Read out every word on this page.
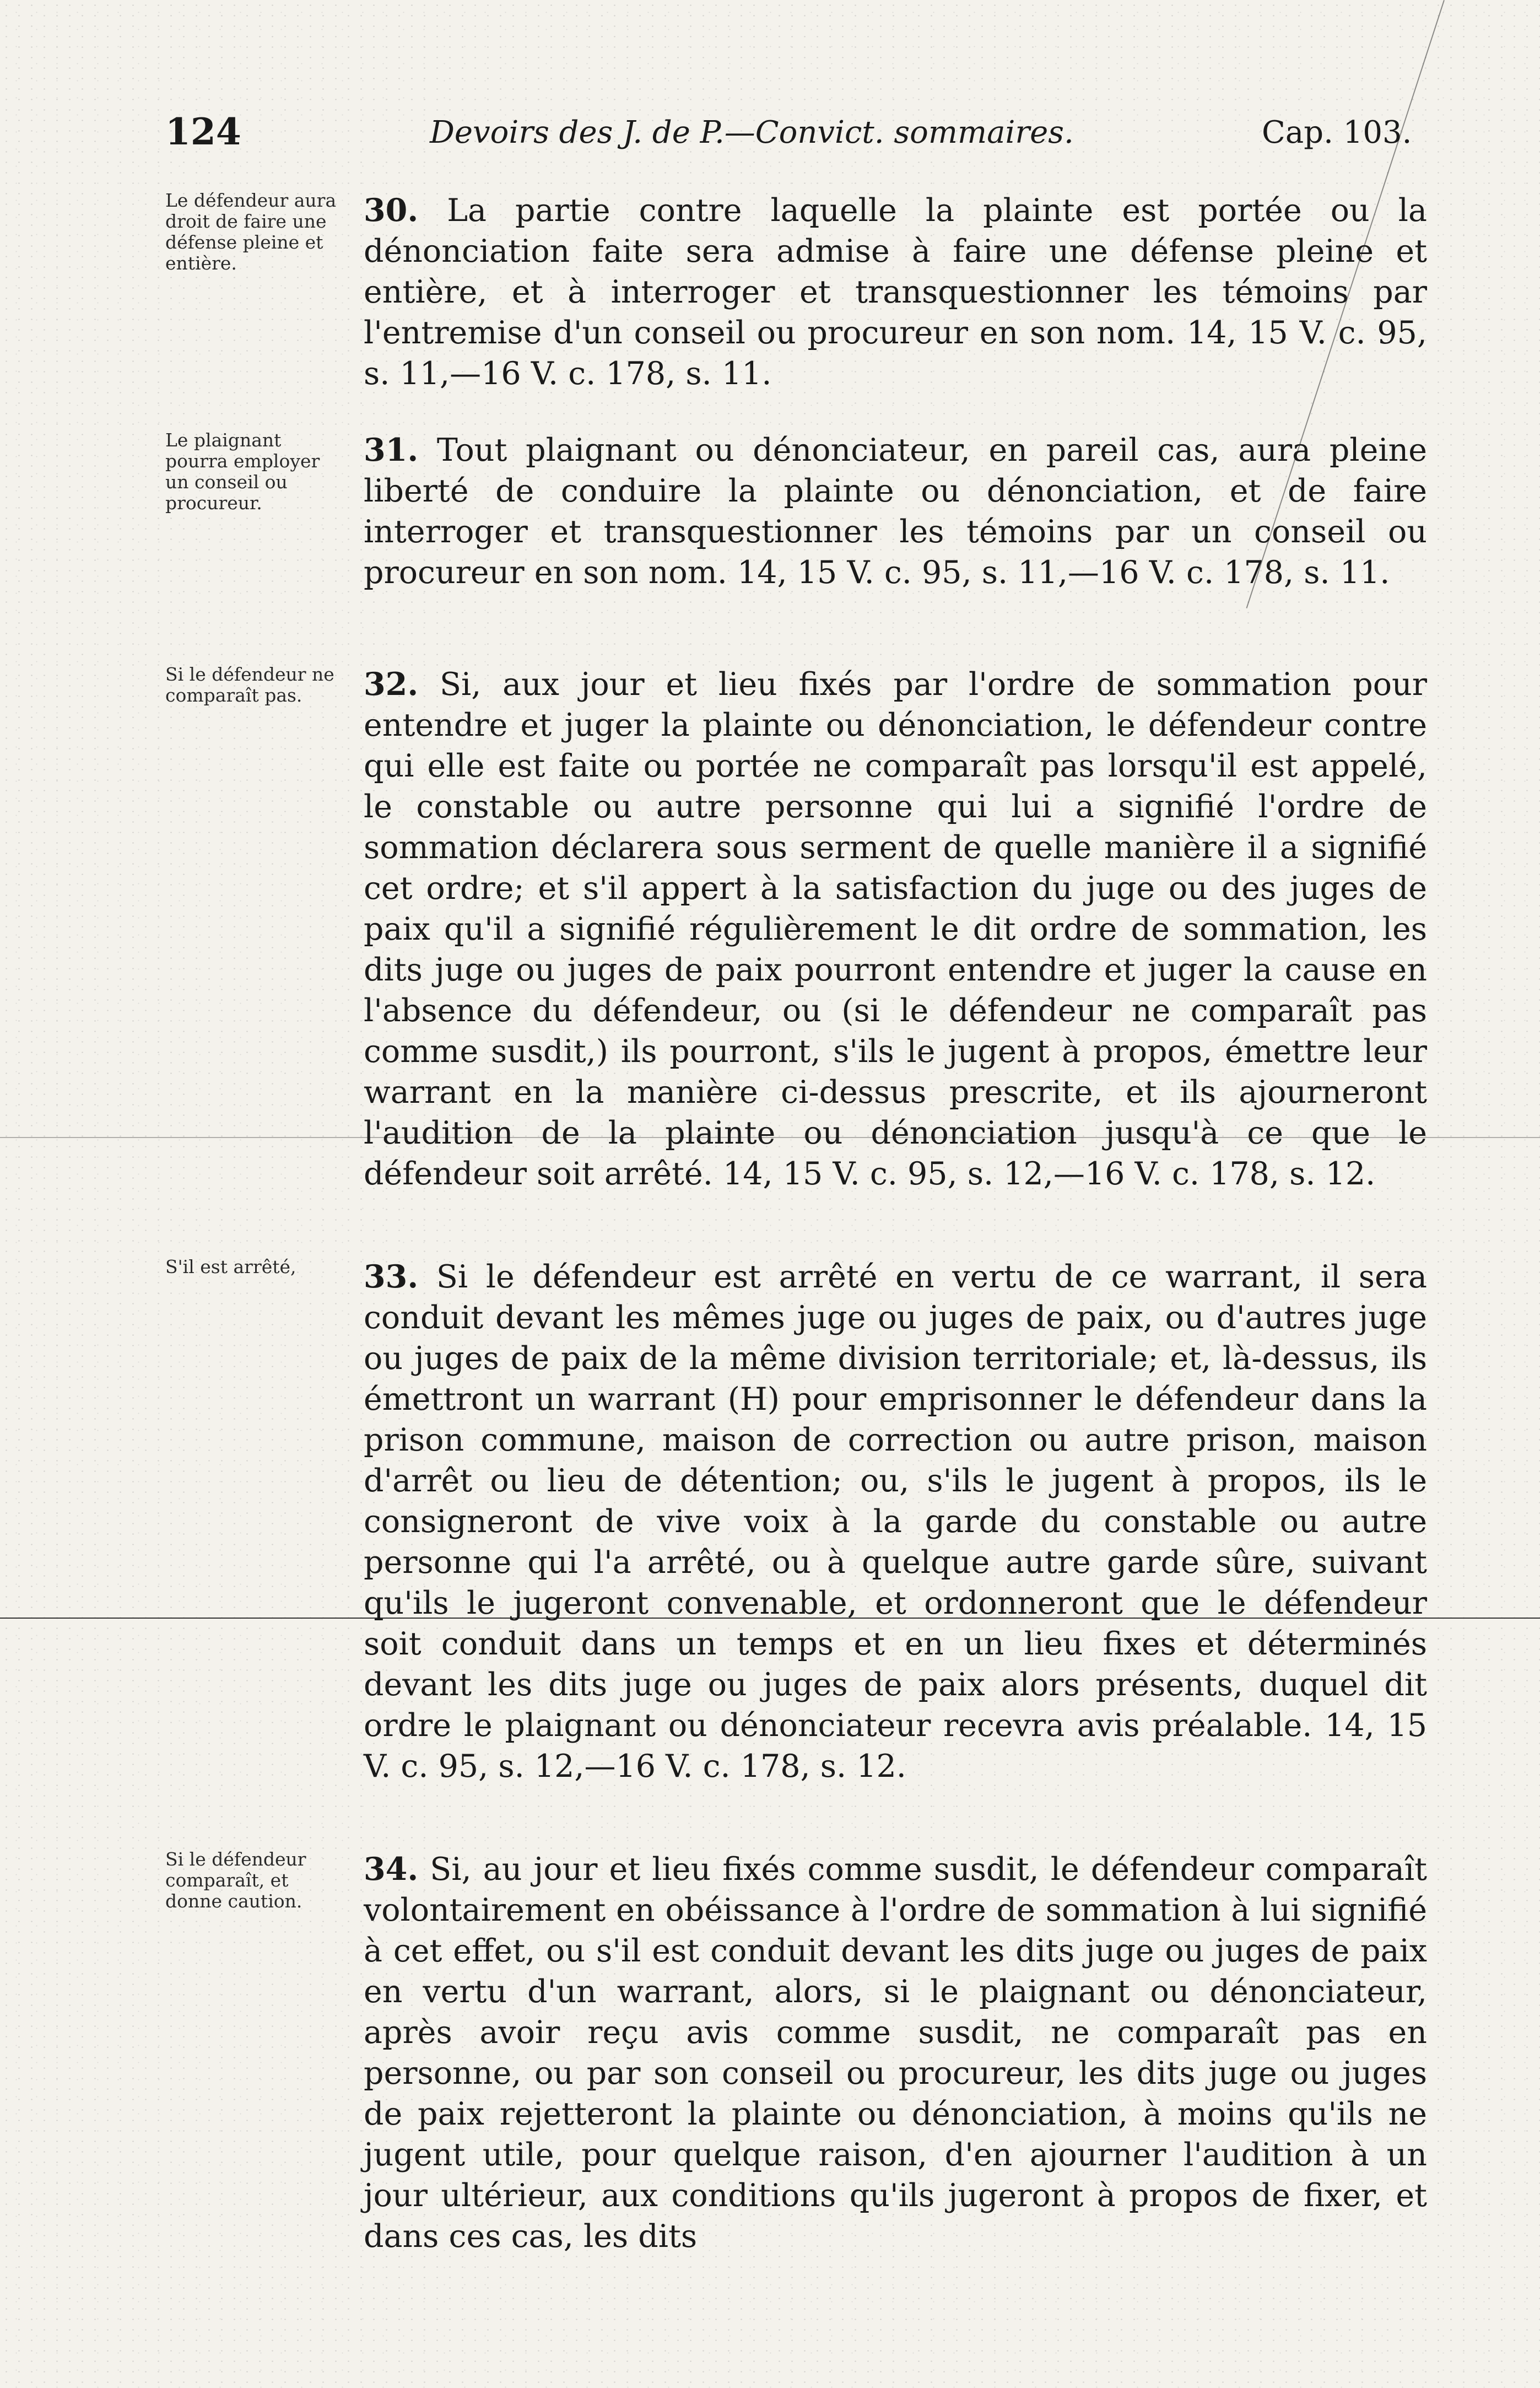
124	Devoirs des J. de P.—Convict. sommaires.	Cap. 103.
Le défendeur aura droit de faire une défense pleine et entière.
30. La partie contre laquelle la plainte est portée ou la dénonciation faite sera admise à faire une défense pleine et entière, et à interroger et transquestionner les témoins par l'entremise d'un conseil ou procureur en son nom. 14, 15 V. c. 95, s. 11,—16 V. c. 178, s. 11.
Le plaignant pourra employer un conseil ou procureur.
31. Tout plaignant ou dénonciateur, en pareil cas, aura pleine liberté de conduire la plainte ou dénonciation, et de faire interroger et transquestionner les témoins par un conseil ou procureur en son nom. 14, 15 V. c. 95, s. 11,—16 V. c. 178, s. 11.
Si le défendeur ne comparaît pas.	32. Si, aux jour et lieu fixés par l'ordre de sommation pour entendre et juger la plainte ou dénonciation, le défendeur contre qui elle est faite ou portée ne comparaît pas lorsqu'il est appelé, le constable ou autre personne qui lui a signifié l'ordre de sommation déclarera sous serment de quelle manière il a signifié cet ordre; et s'il appert à la satisfaction du juge ou des juges de paix qu'il a signifié régulièrement le dit ordre de sommation, les dits juge ou juges de paix pourront entendre et juger la cause en l'absence du défendeur, ou (si le défendeur ne comparaît pas comme susdit,) ils pourront, s'ils le jugent à propos, émettre leur warrant en la manière ci-dessus prescrite, et ils ajourneront l'audition de la plainte ou dénonciation jusqu'à ce que le défendeur soit arrêté. 14, 15 V. c. 95, s. 12,—16 V. c. 178, s. 12.
S'il est arrêté,	33. Si le défendeur est arrêté en vertu de ce warrant, il sera conduit devant les mêmes juge ou juges de paix, ou d'autres juge ou juges de paix de la même division territoriale; et, là-dessus, ils émettront un warrant (H) pour emprisonner le défendeur dans la prison commune, maison de correction ou autre prison, maison d'arrêt ou lieu de détention; ou, s'ils le jugent à propos, ils le consigneront de vive voix à la garde du constable ou autre personne qui l'a arrêté, ou à quelque autre garde sûre, suivant qu'ils le jugeront convenable, et ordonneront que le défendeur soit conduit dans un temps et en un lieu fixes et déterminés devant les dits juge ou juges de paix alors présents, duquel dit ordre le plaignant ou dénonciateur recevra avis préalable. 14, 15 V. c. 95, s. 12,—16 V. c. 178, s. 12.
Si le défendeur comparaît, et donne caution.
34. Si, au jour et lieu fixés comme susdit, le défendeur comparaît volontairement en obéissance à l'ordre de sommation à lui signifié à cet effet, ou s'il est conduit devant les dits juge ou juges de paix en vertu d'un warrant, alors, si le plaignant ou dénonciateur, après avoir reçu avis comme susdit, ne comparaît pas en personne, ou par son conseil ou procureur, les dits juge ou juges de paix rejetteront la plainte ou dénonciation, à moins qu'ils ne jugent utile, pour quelque raison, d'en ajourner l'audition à un jour ultérieur, aux conditions qu'ils jugeront à propos de fixer, et dans ces cas, les dits
